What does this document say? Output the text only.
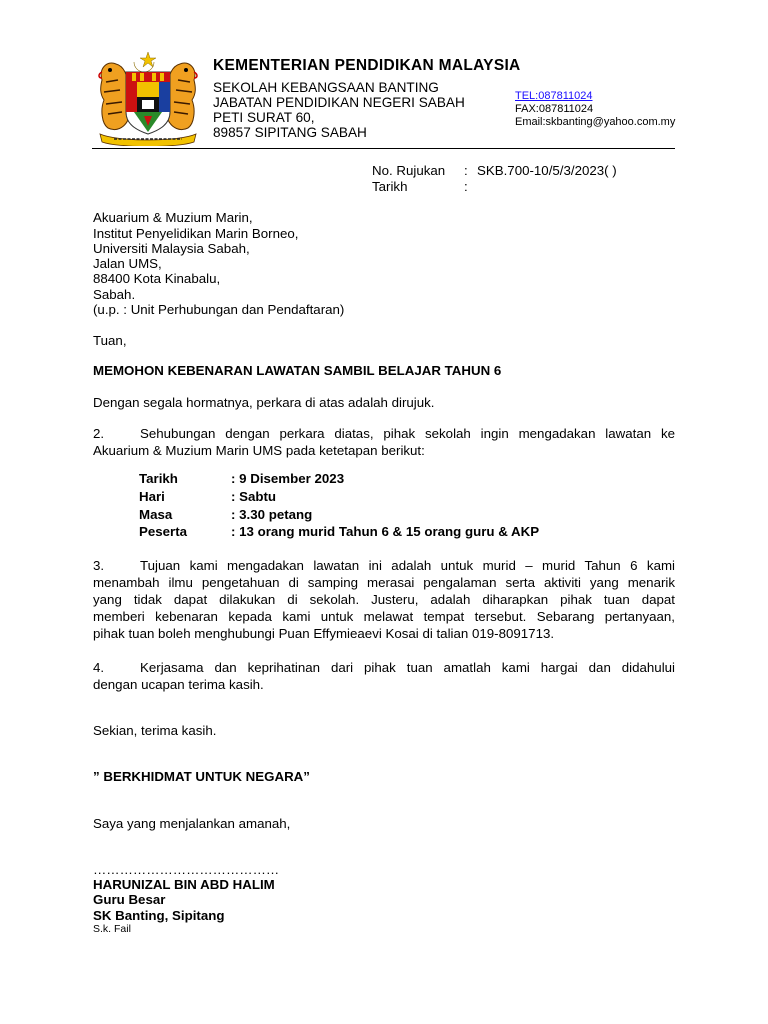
KEMENTERIAN PENDIDIKAN MALAYSIA
SEKOLAH KEBANGSAAN BANTING
JABATAN PENDIDIKAN NEGERI SABAH
PETI SURAT 60,
89857 SIPITANG SABAH
TEL:087811024
FAX:087811024
Email:skbanting@yahoo.com.my
No. Rujukan : SKB.700-10/5/3/2023( )
Tarikh	:
Akuarium & Muzium Marin,
Institut Penyelidikan Marin Borneo,
Universiti Malaysia Sabah,
Jalan UMS,
88400 Kota Kinabalu,
Sabah.
(u.p. : Unit Perhubungan dan Pendaftaran)
Tuan,
MEMOHON KEBENARAN LAWATAN SAMBIL BELAJAR TAHUN 6
Dengan segala hormatnya, perkara di atas adalah dirujuk.
2.	Sehubungan dengan perkara diatas, pihak sekolah ingin mengadakan lawatan ke
Akuarium & Muzium Marin UMS pada ketetapan berikut:
Tarikh	: 9 Disember 2023
Hari	: Sabtu
Masa	: 3.30 petang
Peserta	: 13 orang murid Tahun 6 & 15 orang guru & AKP
3.	Tujuan kami mengadakan lawatan ini adalah untuk murid – murid Tahun 6 kami
menambah ilmu pengetahuan di samping merasai pengalaman serta aktiviti yang menarik
yang tidak dapat dilakukan di sekolah. Justeru, adalah diharapkan pihak tuan dapat
memberi kebenaran kepada kami untuk melawat tempat tersebut. Sebarang pertanyaan,
pihak tuan boleh menghubungi Puan Effymieaevi Kosai di talian 019-8091713.
4.	Kerjasama dan keprihatinan dari pihak tuan amatlah kami hargai dan didahului
dengan ucapan terima kasih.
Sekian, terima kasih.
” BERKHIDMAT UNTUK NEGARA”
Saya yang menjalankan amanah,
……………………………………
HARUNIZAL BIN ABD HALIM
Guru Besar
SK Banting, Sipitang
S.k. Fail
